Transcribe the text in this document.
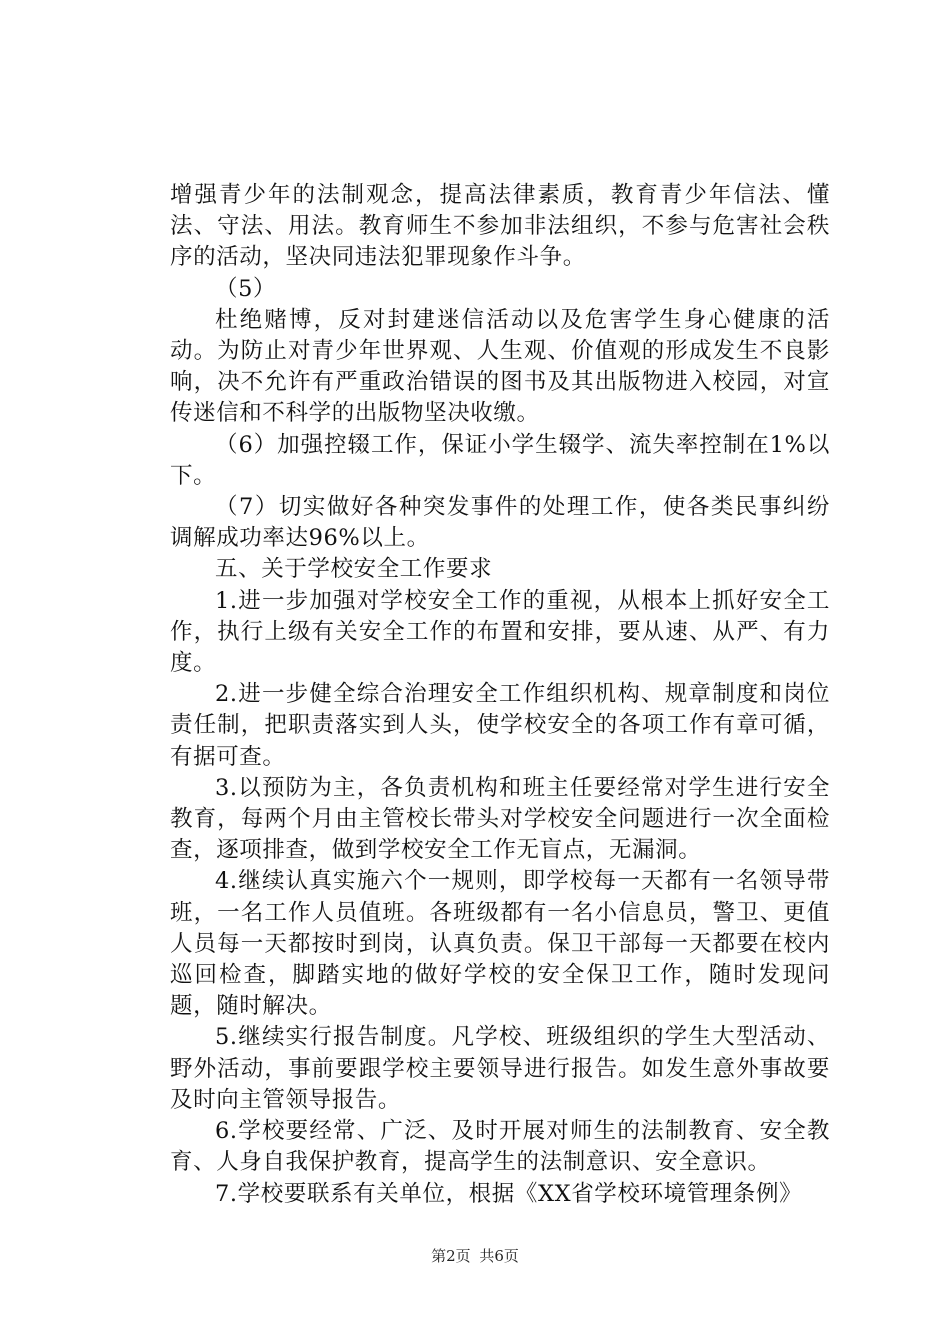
增强青少年的法制观念，提高法律素质，教育青少年信法、懂法、守法、用法。教育师生不参加非法组织，不参与危害社会秩序的活动，坚决同违法犯罪现象作斗争。

（5）

杜绝赌博，反对封建迷信活动以及危害学生身心健康的活动。为防止对青少年世界观、人生观、价值观的形成发生不良影响，决不允许有严重政治错误的图书及其出版物进入校园，对宣传迷信和不科学的出版物坚决收缴。

（6）加强控辍工作，保证小学生辍学、流失率控制在1%以下。

（7）切实做好各种突发事件的处理工作，使各类民事纠纷调解成功率达96%以上。

五、关于学校安全工作要求

1.进一步加强对学校安全工作的重视，从根本上抓好安全工作，执行上级有关安全工作的布置和安排，要从速、从严、有力度。

2.进一步健全综合治理安全工作组织机构、规章制度和岗位责任制，把职责落实到人头，使学校安全的各项工作有章可循，有据可查。

3.以预防为主，各负责机构和班主任要经常对学生进行安全教育，每两个月由主管校长带头对学校安全问题进行一次全面检查，逐项排查，做到学校安全工作无盲点，无漏洞。

4.继续认真实施六个一规则，即学校每一天都有一名领导带班，一名工作人员值班。各班级都有一名小信息员，警卫、更值人员每一天都按时到岗，认真负责。保卫干部每一天都要在校内巡回检查，脚踏实地的做好学校的安全保卫工作，随时发现问题，随时解决。

5.继续实行报告制度。凡学校、班级组织的学生大型活动、野外活动，事前要跟学校主要领导进行报告。如发生意外事故要及时向主管领导报告。

6.学校要经常、广泛、及时开展对师生的法制教育、安全教育、人身自我保护教育，提高学生的法制意识、安全意识。

7.学校要联系有关单位，根据《XX省学校环境管理条例》

第2页 共6页
